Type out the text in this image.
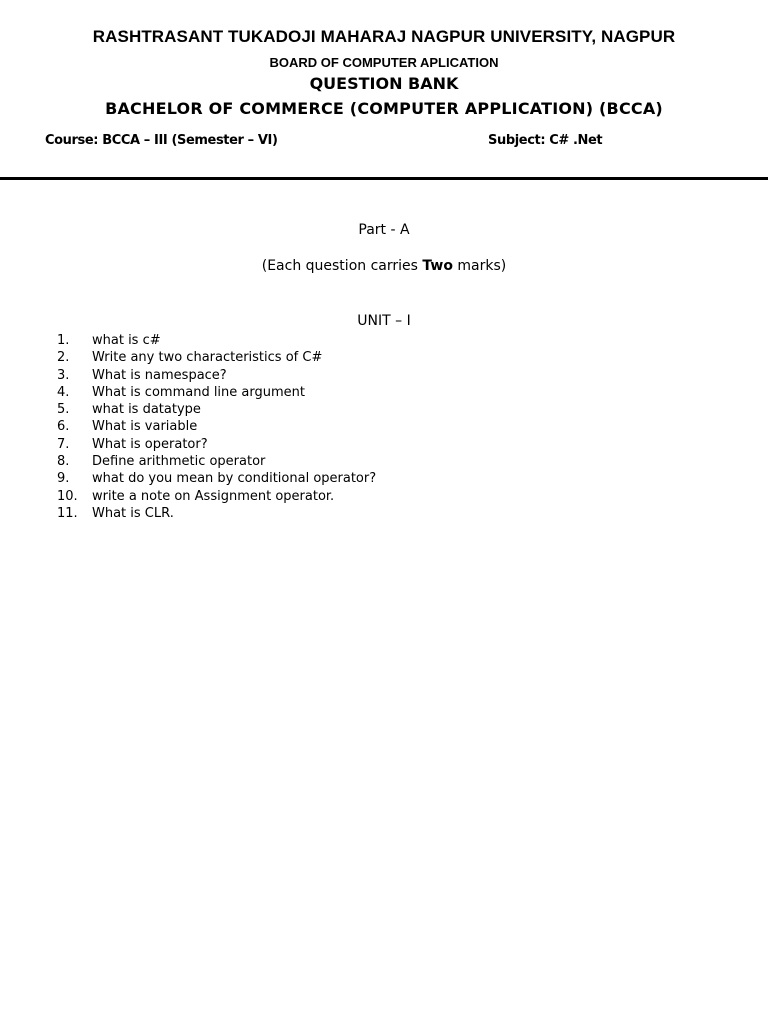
RASHTRASANT TUKADOJI MAHARAJ NAGPUR UNIVERSITY, NAGPUR
BOARD OF COMPUTER APLICATION
QUESTION BANK
BACHELOR OF COMMERCE (COMPUTER APPLICATION) (BCCA)
Course: BCCA – III (Semester – VI)	Subject: C# .Net
Part - A
(Each question carries Two marks)
UNIT – I
1. what is c#
2. Write any two characteristics of C#
3. What is namespace?
4. What is command line argument
5. what is datatype
6. What is variable
7. What is operator?
8. Define arithmetic operator
9. what do you mean by conditional operator?
10. write a note on Assignment operator.
11. What is CLR.
